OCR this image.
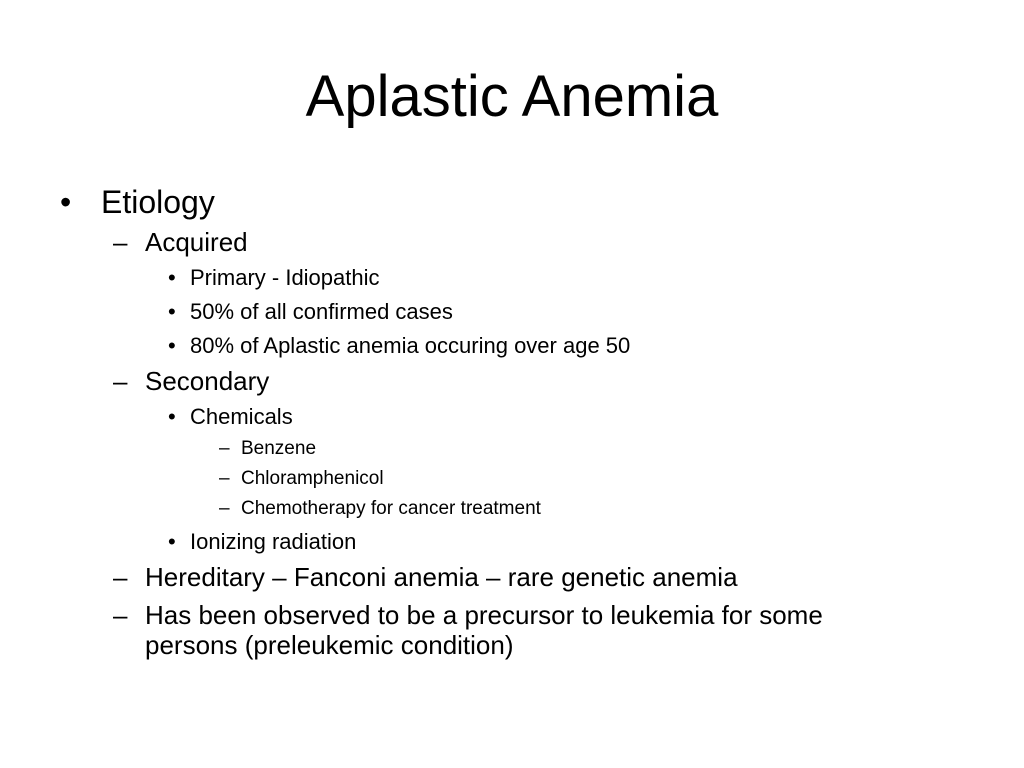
Aplastic Anemia
• Etiology
– Acquired
• Primary - Idiopathic
• 50% of all confirmed cases
• 80% of Aplastic anemia occuring over age 50
– Secondary
• Chemicals
– Benzene
– Chloramphenicol
– Chemotherapy for cancer treatment
• Ionizing radiation
– Hereditary – Fanconi anemia – rare genetic anemia
– Has been observed to be a precursor to leukemia for some
persons (preleukemic condition)
